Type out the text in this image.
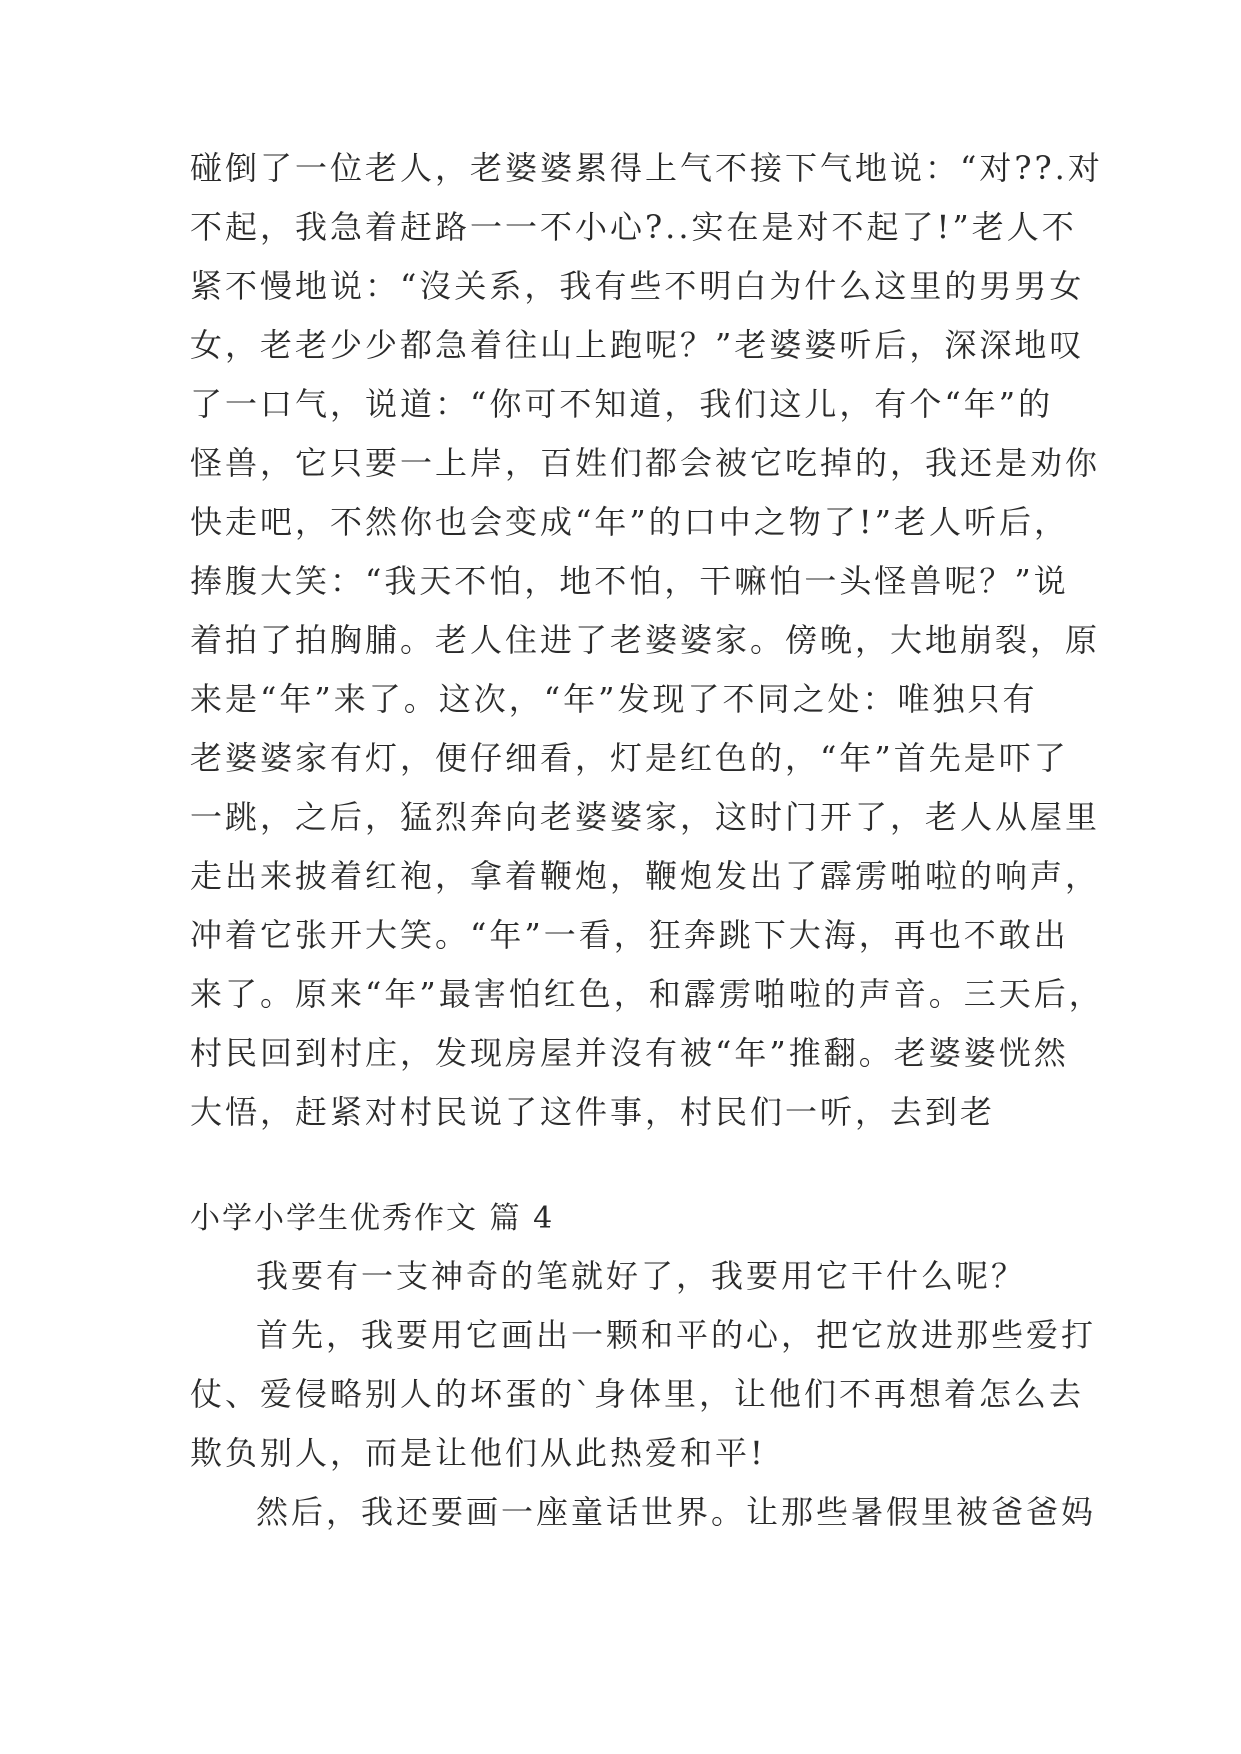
碰倒了一位老人，老婆婆累得上气不接下气地说：“对??.对
不起，我急着赶路一一不小心?..实在是对不起了!”老人不
紧不慢地说：“沒关系，我有些不明白为什么这里的男男女
女，老老少少都急着往山上跑呢？”老婆婆听后，深深地叹
了一口气，说道：“你可不知道，我们这儿，有个“年”的
怪兽，它只要一上岸，百姓们都会被它吃掉的，我还是劝你
快走吧，不然你也会变成“年”的口中之物了!”老人听后，
捧腹大笑：“我天不怕，地不怕，干嘛怕一头怪兽呢？”说
着拍了拍胸脯。老人住进了老婆婆家。傍晚，大地崩裂，原
来是“年”来了。这次，“年”发现了不同之处：唯独只有
老婆婆家有灯，便仔细看，灯是红色的，“年”首先是吓了
一跳，之后，猛烈奔向老婆婆家，这时门开了，老人从屋里
走出来披着红袍，拿着鞭炮，鞭炮发出了霹雳啪啦的响声，
冲着它张开大笑。“年”一看，狂奔跳下大海，再也不敢出
来了。原来“年”最害怕红色，和霹雳啪啦的声音。三天后，
村民回到村庄，发现房屋并沒有被“年”推翻。老婆婆恍然
大悟，赶紧对村民说了这件事，村民们一听，去到老
小学小学生优秀作文 篇 4
我要有一支神奇的笔就好了，我要用它干什么呢？
首先，我要用它画出一颗和平的心，把它放进那些爱打
仗、爱侵略别人的坏蛋的`身体里，让他们不再想着怎么去
欺负别人，而是让他们从此热爱和平!
然后，我还要画一座童话世界。让那些暑假里被爸爸妈
